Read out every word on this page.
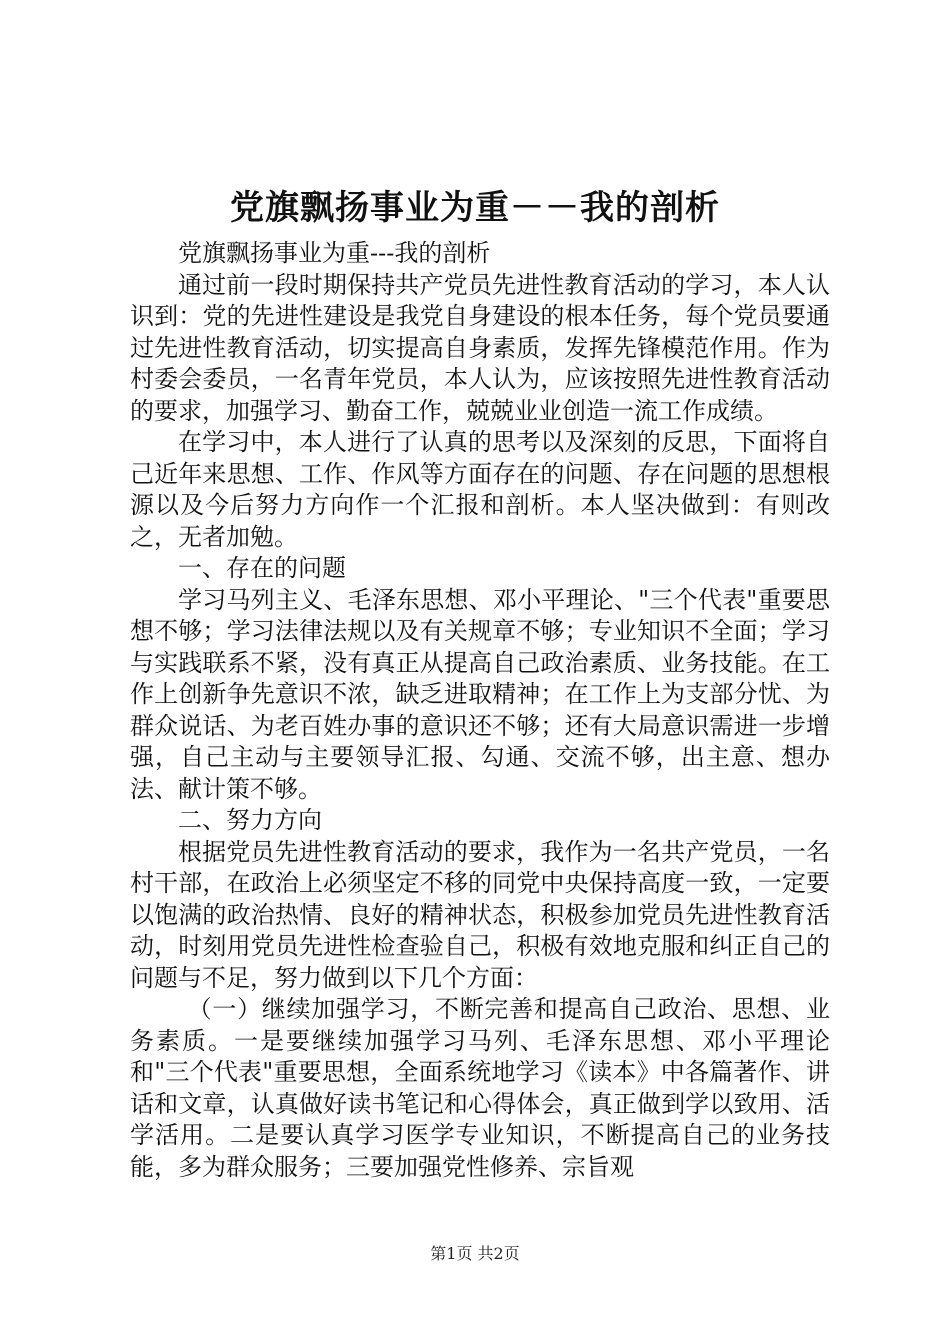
党旗飘扬事业为重－－我的剖析

党旗飘扬事业为重---我的剖析

通过前一段时期保持共产党员先进性教育活动的学习，本人认识到：党的先进性建设是我党自身建设的根本任务，每个党员要通过先进性教育活动，切实提高自身素质，发挥先锋模范作用。作为村委会委员，一名青年党员，本人认为，应该按照先进性教育活动的要求，加强学习、勤奋工作，兢兢业业创造一流工作成绩。

在学习中，本人进行了认真的思考以及深刻的反思，下面将自己近年来思想、工作、作风等方面存在的问题、存在问题的思想根源以及今后努力方向作一个汇报和剖析。本人坚决做到：有则改之，无者加勉。

一、存在的问题

学习马列主义、毛泽东思想、邓小平理论、"三个代表"重要思想不够；学习法律法规以及有关规章不够；专业知识不全面；学习与实践联系不紧，没有真正从提高自己政治素质、业务技能。在工作上创新争先意识不浓，缺乏进取精神；在工作上为支部分忧、为群众说话、为老百姓办事的意识还不够；还有大局意识需进一步增强，自己主动与主要领导汇报、勾通、交流不够，出主意、想办法、献计策不够。

二、努力方向

根据党员先进性教育活动的要求，我作为一名共产党员，一名村干部，在政治上必须坚定不移的同党中央保持高度一致，一定要以饱满的政治热情、良好的精神状态，积极参加党员先进性教育活动，时刻用党员先进性检查验自己，积极有效地克服和纠正自己的问题与不足，努力做到以下几个方面：

（一）继续加强学习，不断完善和提高自己政治、思想、业务素质。一是要继续加强学习马列、毛泽东思想、邓小平理论和"三个代表"重要思想，全面系统地学习《读本》中各篇著作、讲话和文章，认真做好读书笔记和心得体会，真正做到学以致用、活学活用。二是要认真学习医学专业知识，不断提高自己的业务技能，多为群众服务；三要加强党性修养、宗旨观

第1页 共2页
